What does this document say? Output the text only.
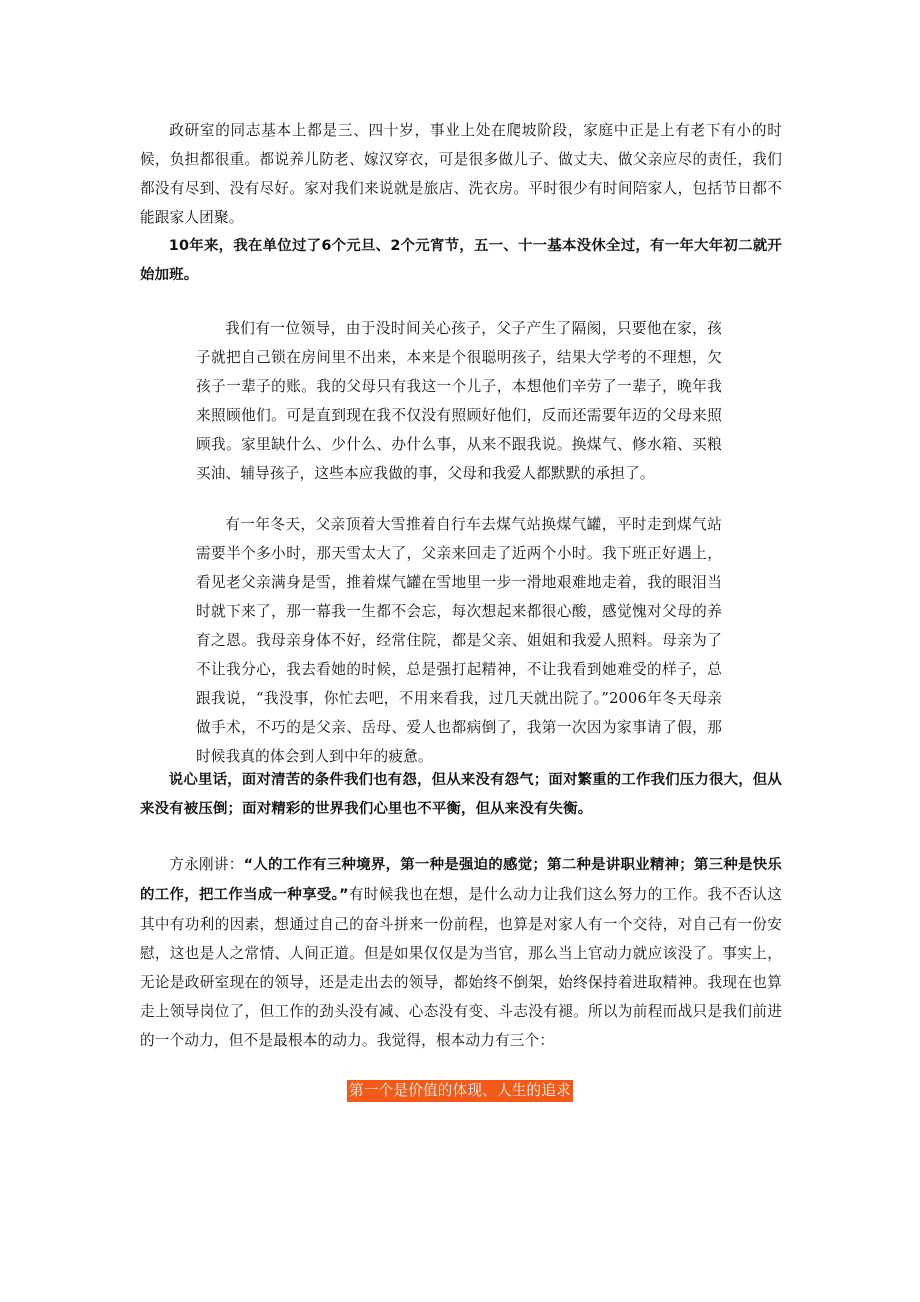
政研室的同志基本上都是三、四十岁，事业上处在爬坡阶段，家庭中正是上有老下有小的时候，负担都很重。都说养儿防老、嫁汉穿衣，可是很多做儿子、做丈夫、做父亲应尽的责任，我们都没有尽到、没有尽好。家对我们来说就是旅店、洗衣房。平时很少有时间陪家人，包括节日都不能跟家人团聚。

10年来，我在单位过了6个元旦、2个元宵节，五一、十一基本没休全过，有一年大年初二就开始加班。

我们有一位领导，由于没时间关心孩子，父子产生了隔阂，只要他在家，孩子就把自己锁在房间里不出来，本来是个很聪明孩子，结果大学考的不理想，欠孩子一辈子的账。我的父母只有我这一个儿子，本想他们辛劳了一辈子，晚年我来照顾他们。可是直到现在我不仅没有照顾好他们，反而还需要年迈的父母来照顾我。家里缺什么、少什么、办什么事，从来不跟我说。换煤气、修水箱、买粮买油、辅导孩子，这些本应我做的事，父母和我爱人都默默的承担了。

有一年冬天，父亲顶着大雪推着自行车去煤气站换煤气罐，平时走到煤气站需要半个多小时，那天雪太大了，父亲来回走了近两个小时。我下班正好遇上，看见老父亲满身是雪，推着煤气罐在雪地里一步一滑地艰难地走着，我的眼泪当时就下来了，那一幕我一生都不会忘，每次想起来都很心酸，感觉愧对父母的养育之恩。我母亲身体不好，经常住院，都是父亲、姐姐和我爱人照料。母亲为了不让我分心，我去看她的时候，总是强打起精神，不让我看到她难受的样子，总跟我说，“我没事，你忙去吧，不用来看我，过几天就出院了。”2006年冬天母亲做手术，不巧的是父亲、岳母、爱人也都病倒了，我第一次因为家事请了假，那时候我真的体会到人到中年的疲惫。

说心里话，面对清苦的条件我们也有怨，但从来没有怨气；面对繁重的工作我们压力很大，但从来没有被压倒；面对精彩的世界我们心里也不平衡，但从来没有失衡。

方永刚讲：“人的工作有三种境界，第一种是强迫的感觉；第二种是讲职业精神；第三种是快乐的工作，把工作当成一种享受。”有时候我也在想，是什么动力让我们这么努力的工作。我不否认这其中有功利的因素，想通过自己的奋斗拼来一份前程，也算是对家人有一个交待，对自己有一份安慰，这也是人之常情、人间正道。但是如果仅仅是为当官，那么当上官动力就应该没了。事实上，无论是政研室现在的领导，还是走出去的领导，都始终不倒架，始终保持着进取精神。我现在也算走上领导岗位了，但工作的劲头没有减、心态没有变、斗志没有褪。所以为前程而战只是我们前进的一个动力，但不是最根本的动力。我觉得，根本动力有三个：

第一个是价值的体现、人生的追求
